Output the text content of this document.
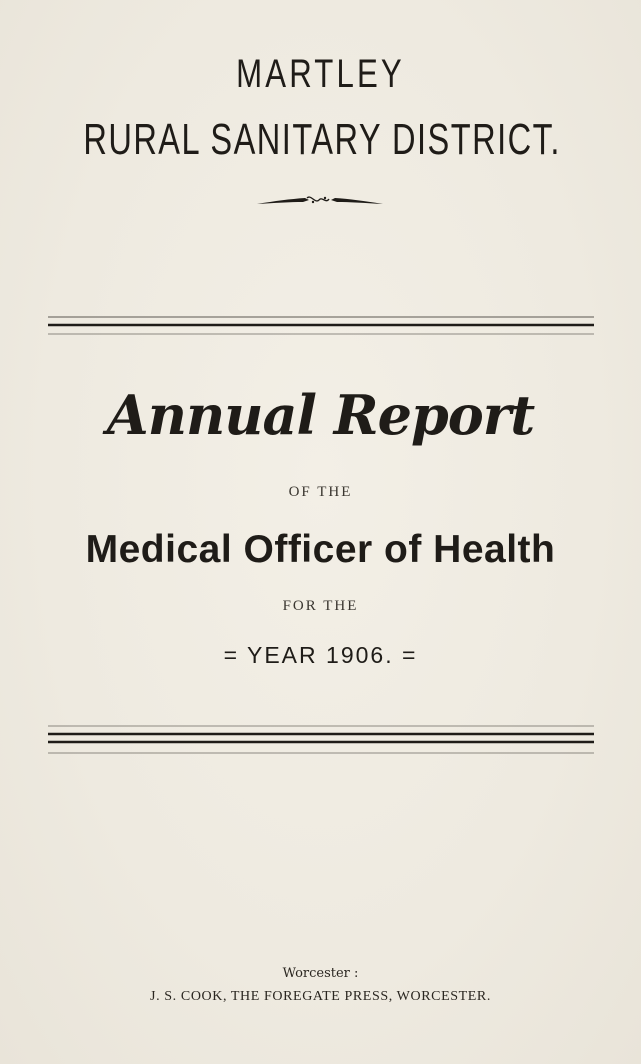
MARTLEY
RURAL SANITARY DISTRICT.
Annual Report
OF THE
Medical Officer of Health
FOR THE
= YEAR 1906. =
Worcester :
J. S. COOK, THE FOREGATE PRESS, WORCESTER.
